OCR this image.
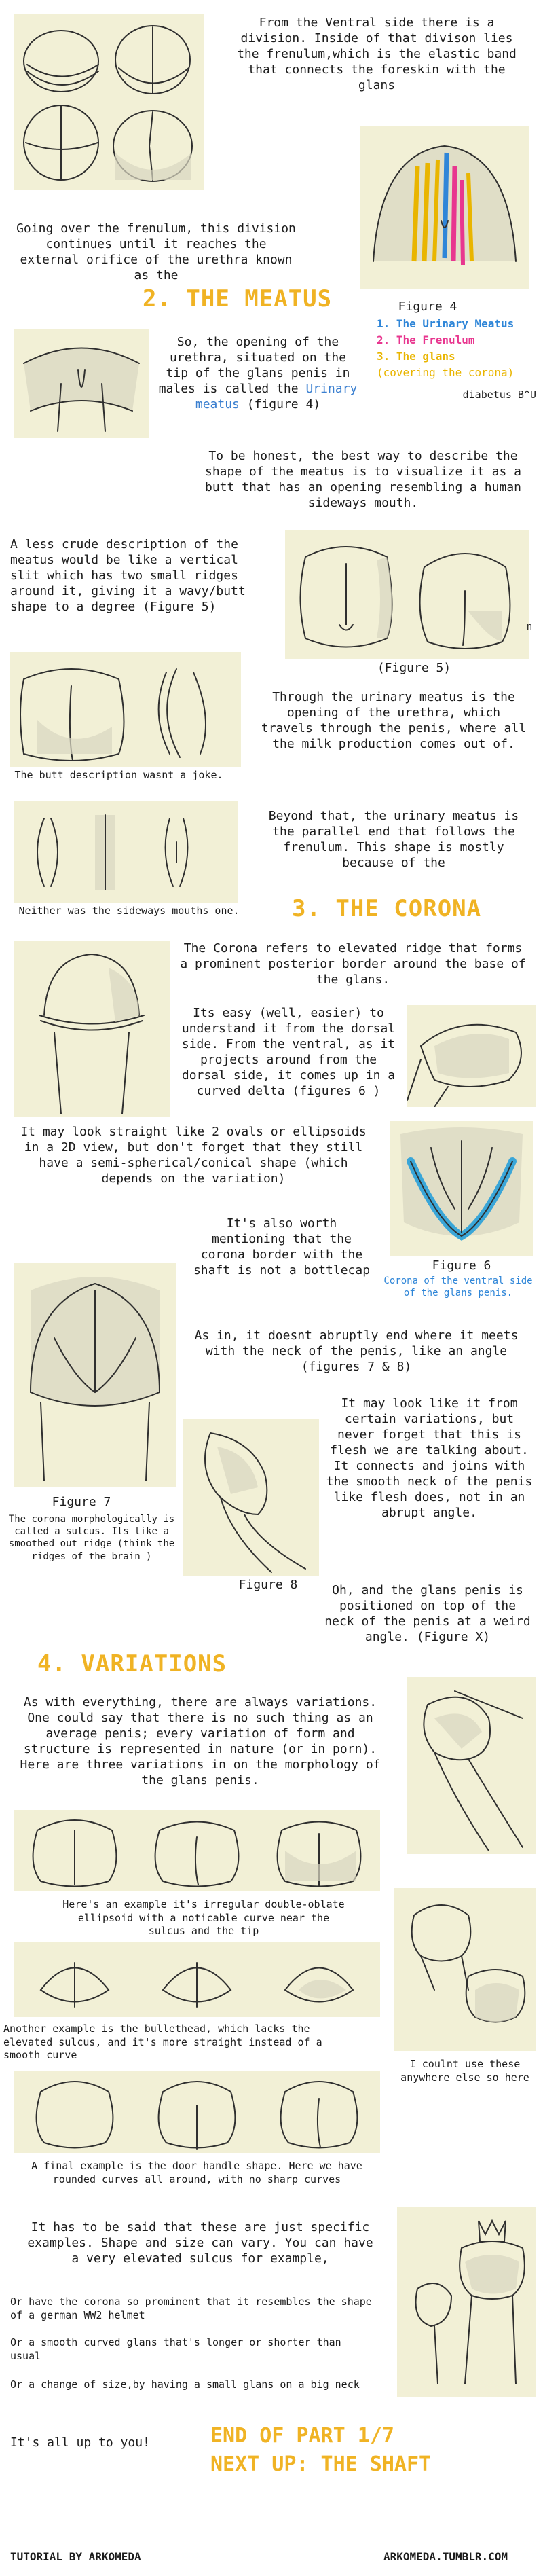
From the Ventral side there is a division. Inside of that divison lies the frenulum,which is the elastic band that connects the foreskin with the glans
Going over the frenulum, this division continues until it reaches the external orifice of the urethra known as the
Figure 4
1. The Urinary Meatus
2. The Frenulum
3. The glans
(covering the corona)
diabetus B^U
2. THE MEATUS
So, the opening of the urethra, situated on the tip of the glans penis in males is called the Urinary meatus (figure 4)
To be honest, the best way to describe the shape of the meatus is to visualize it as a butt that has an opening resembling a human sideways mouth.
A less crude description of the meatus would be like a vertical slit which has two small ridges around it, giving it a wavy/butt shape to a degree (Figure 5)
n
(Figure 5)
The butt description wasnt a joke.
Through the urinary meatus is the opening of the urethra, which travels through the penis, where all the milk production comes out of.
Neither was the sideways mouths one.
Beyond that, the urinary meatus is the parallel end that follows the frenulum. This shape is mostly because of the
3. THE CORONA
The Corona refers to elevated ridge that forms a prominent posterior border around the base of the glans.
Its easy (well, easier) to understand it from the dorsal side. From the ventral, as it projects around from the dorsal side, it comes up in a curved delta (figures 6 )
It may look straight like 2 ovals or ellipsoids in a 2D view, but don't forget that they still have a semi-spherical/conical shape (which depends on the variation)
Figure 6
Corona of the ventral side of the glans penis.
It's also worth mentioning that the corona border with the shaft is not a bottlecap
Figure 7
The corona morphologically is called a sulcus. Its like a smoothed out ridge (think the ridges of the brain )
As in, it doesnt abruptly end where it meets with the neck of the penis, like an angle (figures 7 & 8)
Figure 8
It may look like it from certain variations, but never forget that this is flesh we are talking about. It connects and joins with the smooth neck of the penis like flesh does, not in an abrupt angle.
Oh, and the glans penis is positioned on top of the neck of the penis at a weird angle. (Figure X)
4. VARIATIONS
As with everything, there are always variations. One could say that there is no such thing as an average penis; every variation of form and structure is represented in nature (or in porn). Here are three variations in on the morphology of the glans penis.
Here's an example it's irregular double-oblate ellipsoid with a noticable curve near the sulcus and the tip
Another example is the bullethead, which lacks the elevated sulcus, and it's more straight instead of a smooth curve
I coulnt use these anywhere else so here
A final example is the door handle shape. Here we have rounded curves all around, with no sharp curves
It has to be said that these are just specific examples. Shape and size can vary. You can have a very elevated sulcus for example,
Or have the corona so prominent that it resembles the shape of a german WW2 helmet
Or a smooth curved glans that's longer or shorter than usual
Or a change of size,by having a small glans on a big neck
It's all up to you!	END OF PART 1/7
NEXT UP: THE SHAFT
TUTORIAL BY ARKOMEDA	ARKOMEDA.TUMBLR.COM
